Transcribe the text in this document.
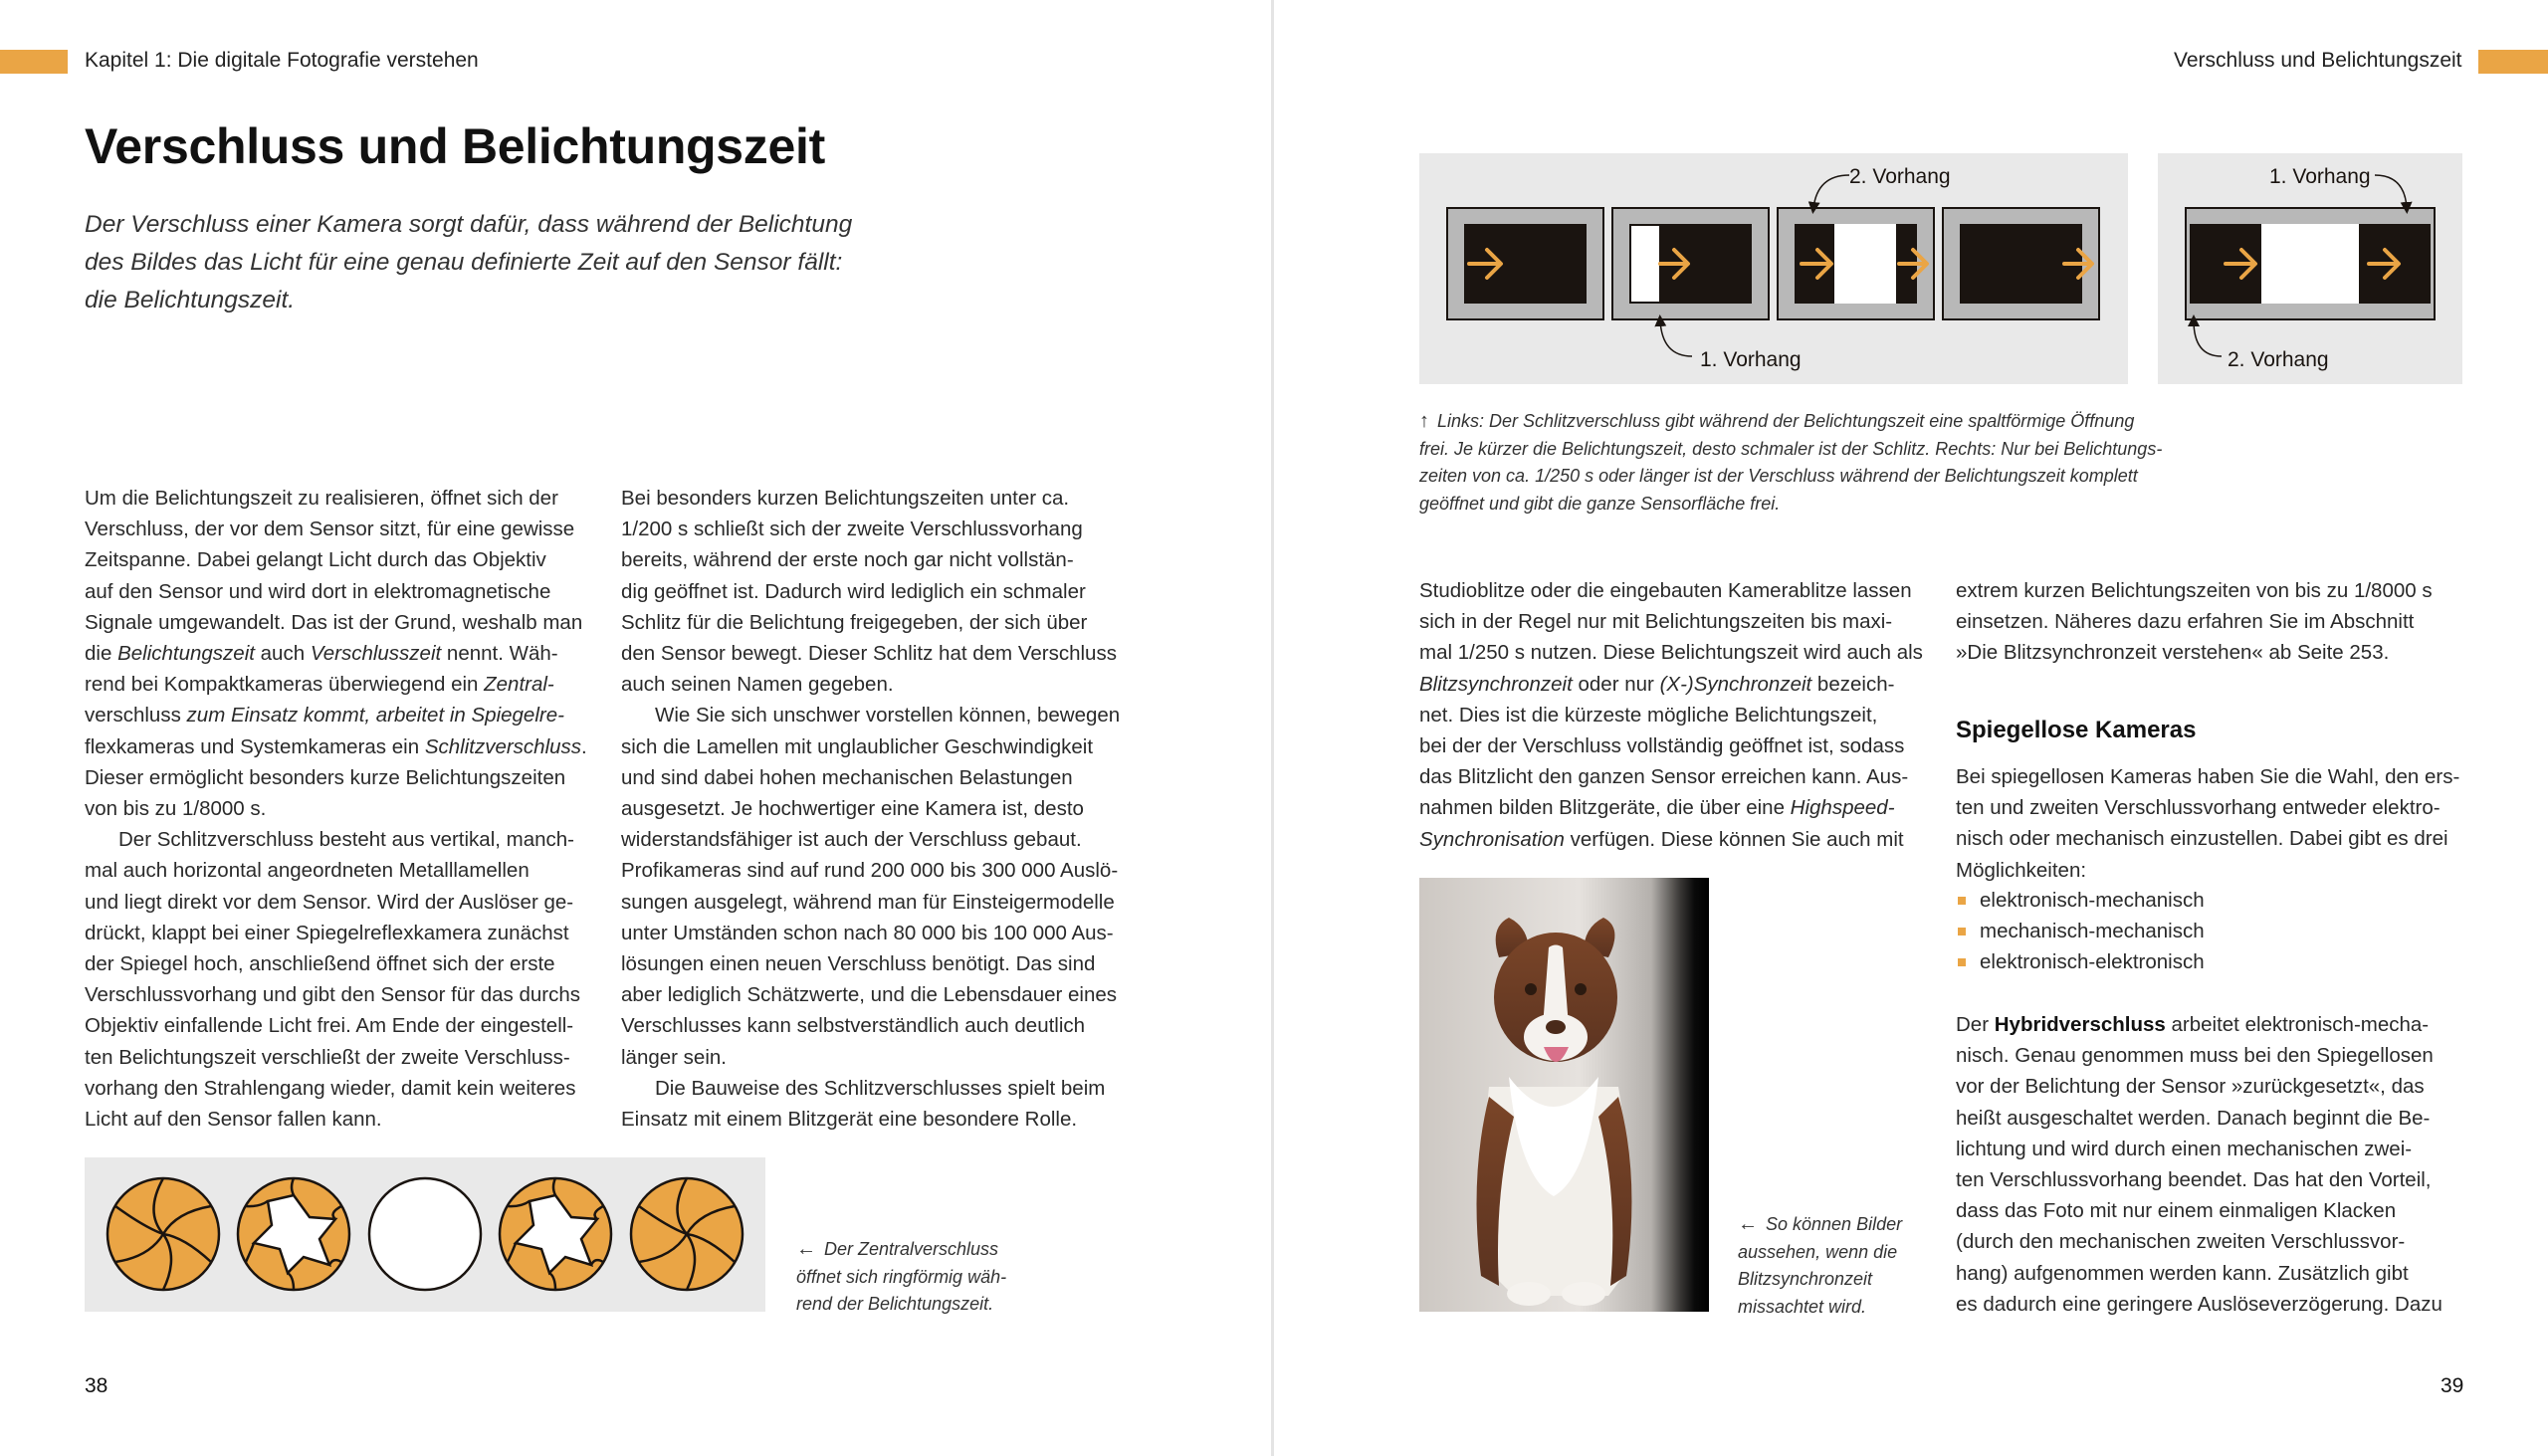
Kapitel 1: Die digitale Fotografie verstehen
Verschluss und Belichtungszeit
Der Verschluss einer Kamera sorgt dafür, dass während der Belichtung
des Bildes das Licht für eine genau definierte Zeit auf den Sensor fällt:
die Belichtungszeit.
Um die Belichtungszeit zu realisieren, öffnet sich der
Verschluss, der vor dem Sensor sitzt, für eine gewisse
Zeitspanne. Dabei gelangt Licht durch das Objektiv
auf den Sensor und wird dort in elektromagnetische
Signale umgewandelt. Das ist der Grund, weshalb man
die Belichtungszeit auch Verschlusszeit nennt. Wäh-
rend bei Kompaktkameras überwiegend ein Zentral-
verschluss zum Einsatz kommt, arbeitet in Spiegelre-
flexkameras und Systemkameras ein Schlitzverschluss.
Dieser ermöglicht besonders kurze Belichtungszeiten
von bis zu 1/8000 s.
Der Schlitzverschluss besteht aus vertikal, manch-
mal auch horizontal angeordneten Metalllamellen
und liegt direkt vor dem Sensor. Wird der Auslöser ge-
drückt, klappt bei einer Spiegelreflexkamera zunächst
der Spiegel hoch, anschließend öffnet sich der erste
Verschlussvorhang und gibt den Sensor für das durchs
Objektiv einfallende Licht frei. Am Ende der eingestell-
ten Belichtungszeit verschließt der zweite Verschluss-
vorhang den Strahlengang wieder, damit kein weiteres
Licht auf den Sensor fallen kann.
Bei besonders kurzen Belichtungszeiten unter ca.
1/200 s schließt sich der zweite Verschlussvorhang
bereits, während der erste noch gar nicht vollstän-
dig geöffnet ist. Dadurch wird lediglich ein schmaler
Schlitz für die Belichtung freigegeben, der sich über
den Sensor bewegt. Dieser Schlitz hat dem Verschluss
auch seinen Namen gegeben.
Wie Sie sich unschwer vorstellen können, bewegen
sich die Lamellen mit unglaublicher Geschwindigkeit
und sind dabei hohen mechanischen Belastungen
ausgesetzt. Je hochwertiger eine Kamera ist, desto
widerstandsfähiger ist auch der Verschluss gebaut.
Profikameras sind auf rund 200 000 bis 300 000 Auslö-
sungen ausgelegt, während man für Einsteigermodelle
unter Umständen schon nach 80 000 bis 100 000 Aus-
lösungen einen neuen Verschluss benötigt. Das sind
aber lediglich Schätzwerte, und die Lebensdauer eines
Verschlusses kann selbstverständlich auch deutlich
länger sein.
Die Bauweise des Schlitzverschlusses spielt beim
Einsatz mit einem Blitzgerät eine besondere Rolle.
← Der Zentralverschluss
öffnet sich ringförmig wäh-
rend der Belichtungszeit.
38
Verschluss und Belichtungszeit
2. Vorhang
1. Vorhang
1. Vorhang
2. Vorhang
↑ Links: Der Schlitzverschluss gibt während der Belichtungszeit eine spaltförmige Öffnung
frei. Je kürzer die Belichtungszeit, desto schmaler ist der Schlitz. Rechts: Nur bei Belichtungs-
zeiten von ca. 1/250 s oder länger ist der Verschluss während der Belichtungszeit komplett
geöffnet und gibt die ganze Sensorfläche frei.
Studioblitze oder die eingebauten Kamerablitze lassen
sich in der Regel nur mit Belichtungszeiten bis maxi-
mal 1/250 s nutzen. Diese Belichtungszeit wird auch als
Blitzsynchronzeit oder nur (X-)Synchronzeit bezeich-
net. Dies ist die kürzeste mögliche Belichtungszeit,
bei der der Verschluss vollständig geöffnet ist, sodass
das Blitzlicht den ganzen Sensor erreichen kann. Aus-
nahmen bilden Blitzgeräte, die über eine Highspeed-
Synchronisation verfügen. Diese können Sie auch mit
extrem kurzen Belichtungszeiten von bis zu 1/8000 s
einsetzen. Näheres dazu erfahren Sie im Abschnitt
»Die Blitzsynchronzeit verstehen« ab Seite 253.
Spiegellose Kameras
Bei spiegellosen Kameras haben Sie die Wahl, den ers-
ten und zweiten Verschlussvorhang entweder elektro-
nisch oder mechanisch einzustellen. Dabei gibt es drei
Möglichkeiten:
elektronisch-mechanisch
mechanisch-mechanisch
elektronisch-elektronisch
Der Hybridverschluss arbeitet elektronisch-mecha-
nisch. Genau genommen muss bei den Spiegellosen
vor der Belichtung der Sensor »zurückgesetzt«, das
heißt ausgeschaltet werden. Danach beginnt die Be-
lichtung und wird durch einen mechanischen zwei-
ten Verschlussvorhang beendet. Das hat den Vorteil,
dass das Foto mit nur einem einmaligen Klacken
(durch den mechanischen zweiten Verschlussvor-
hang) aufgenommen werden kann. Zusätzlich gibt
es dadurch eine geringere Auslöseverzögerung. Dazu
← So können Bilder
aussehen, wenn die
Blitzsynchronzeit
missachtet wird.
39
